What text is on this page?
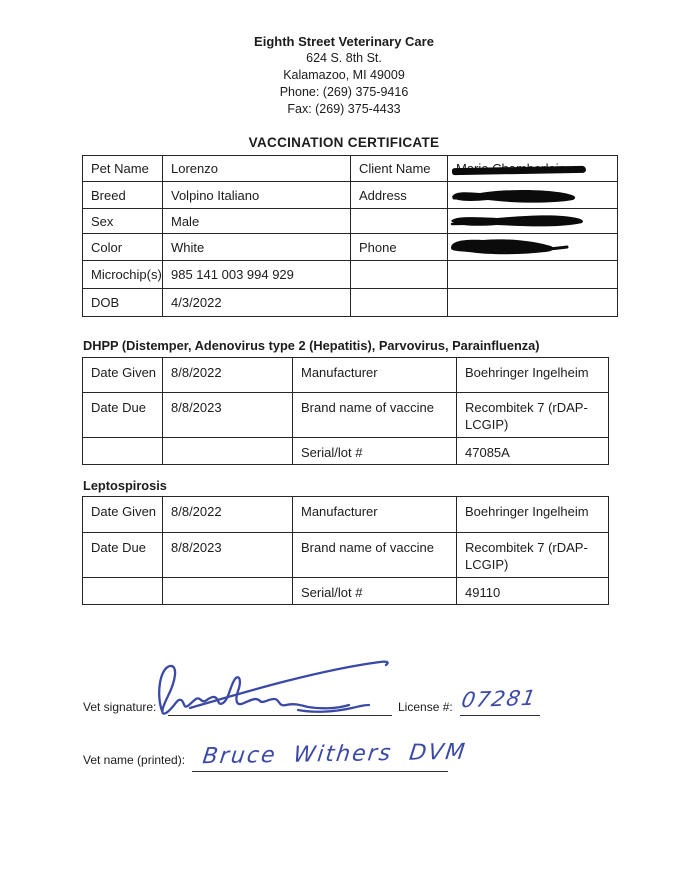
Eighth Street Veterinary Care
624 S. 8th St.
Kalamazoo, MI 49009
Phone: (269) 375-9416
Fax: (269) 375-4433
VACCINATION CERTIFICATE
Pet Name	Lorenzo	Client Name	

Breed	Volpino Italiano	Address	

Sex	Male		

Color	White	Phone	

Microchip(s)	985 141 003 994 929		
DOB	4/3/2022		
DHPP (Distemper, Adenovirus type 2 (Hepatitis), Parvovirus, Parainfluenza)
Date Given	8/8/2022	Manufacturer	Boehringer Ingelheim
Date Due	8/8/2023	Brand name of vaccine	Recombitek 7 (rDAP-LCGIP)
		Serial/lot #	47085A
Leptospirosis
Date Given	8/8/2022	Manufacturer	Boehringer Ingelheim
Date Due	8/8/2023	Brand name of vaccine	Recombitek 7 (rDAP-LCGIP)
		Serial/lot #	49110
Vet signature:	License #: 07281
Vet name (printed): Bruce Withers DVM
